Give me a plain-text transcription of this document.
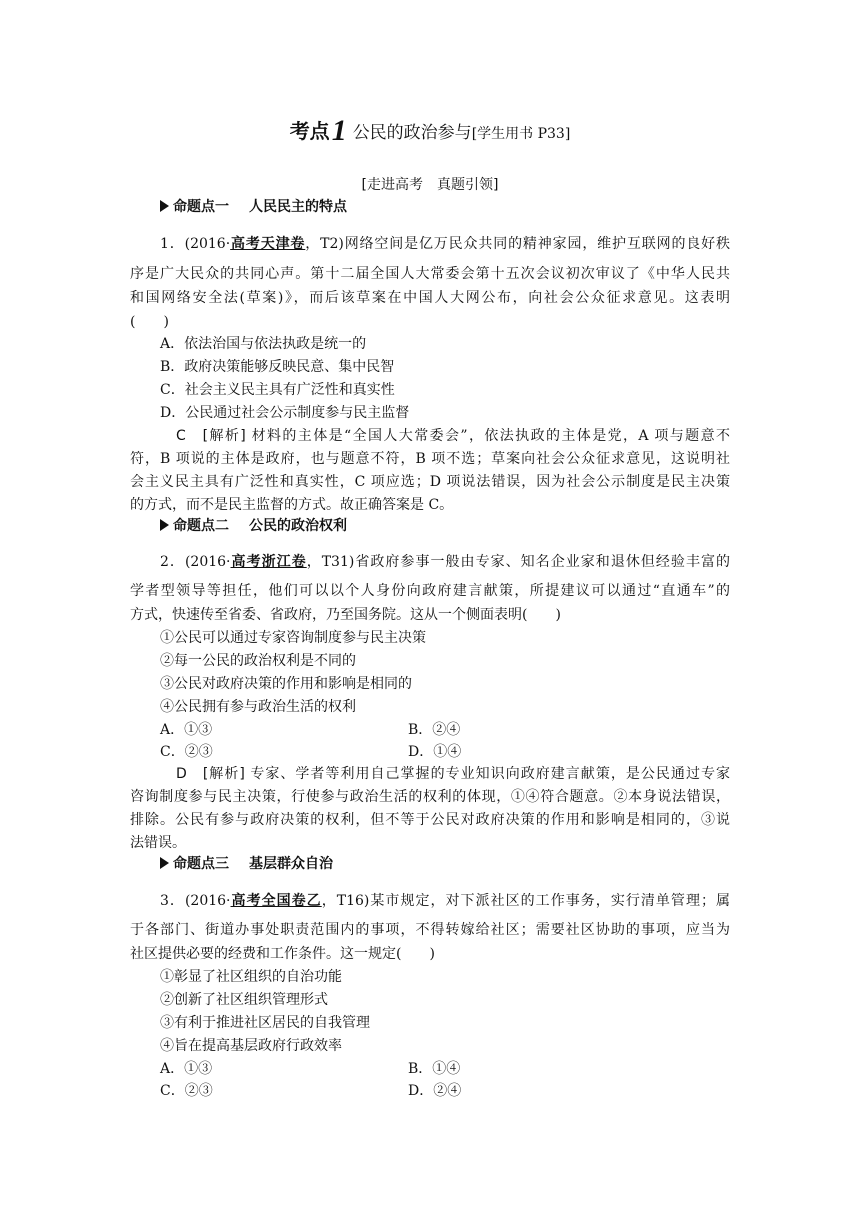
考点1 公民的政治参与[学生用书 P33]
[走进高考　真题引领]
命题点一 人民民主的特点
1．(2016·高考天津卷，T2)网络空间是亿万民众共同的精神家园，维护互联网的良好秩
序是广大民众的共同心声。第十二届全国人大常委会第十五次会议初次审议了《中华人民共
和国网络安全法(草案)》，而后该草案在中国人大网公布，向社会公众征求意见。这表明
(　　)
A．依法治国与依法执政是统一的
B．政府决策能够反映民意、集中民智
C．社会主义民主具有广泛性和真实性
D．公民通过社会公示制度参与民主监督
C　 [解析] 材料的主体是“全国人大常委会”，依法执政的主体是党，A 项与题意不
符，B 项说的主体是政府，也与题意不符，B 项不选；草案向社会公众征求意见，这说明社
会主义民主具有广泛性和真实性，C 项应选；D 项说法错误，因为社会公示制度是民主决策
的方式，而不是民主监督的方式。故正确答案是 C。
命题点二 公民的政治权利
2．(2016·高考浙江卷，T31)省政府参事一般由专家、知名企业家和退休但经验丰富的
学者型领导等担任，他们可以以个人身份向政府建言献策，所提建议可以通过“直通车”的
方式，快速传至省委、省政府，乃至国务院。这从一个侧面表明(　　)
①公民可以通过专家咨询制度参与民主决策
②每一公民的政治权利是不同的
③公民对政府决策的作用和影响是相同的
④公民拥有参与政治生活的权利
A．①③	B．②④
C．②③	D．①④
D　 [解析] 专家、学者等利用自己掌握的专业知识向政府建言献策，是公民通过专家
咨询制度参与民主决策，行使参与政治生活的权利的体现，①④符合题意。②本身说法错误，
排除。公民有参与政府决策的权利，但不等于公民对政府决策的作用和影响是相同的，③说
法错误。
命题点三 基层群众自治
3．(2016·高考全国卷乙，T16)某市规定，对下派社区的工作事务，实行清单管理；属
于各部门、街道办事处职责范围内的事项，不得转嫁给社区；需要社区协助的事项，应当为
社区提供必要的经费和工作条件。这一规定(　　)
①彰显了社区组织的自治功能
②创新了社区组织管理形式
③有利于推进社区居民的自我管理
④旨在提高基层政府行政效率
A．①③	B．①④
C．②③	D．②④
